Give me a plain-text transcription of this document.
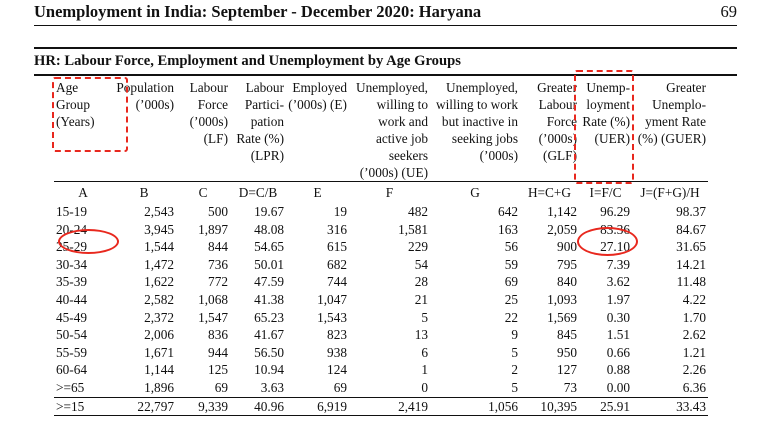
Unemployment in India: September - December 2020: Haryana	69
HR: Labour Force, Employment and Unemployment by Age Groups
Age Group (Years)	Population (’000s)	Labour Force (’000s) (LF)	Labour Partici- pation Rate (%) (LPR)	Employed (’000s) (E)	Unemployed, willing to work and active job seekers (’000s) (UE)	Unemployed, willing to work but inactive in seeking jobs (’000s)	Greater Labour Force (’000s) (GLF)	Unemp- loyment Rate (%) (UER)	Greater Unemplo- yment Rate (%) (GUER)
A	B	C	D=C/B	E	F	G	H=C+G	I=F/C	J=(F+G)/H
15-19	2,543	500	19.67	19	482	642	1,142	96.29	98.37
20-24	3,945	1,897	48.08	316	1,581	163	2,059	83.36	84.67
25-29	1,544	844	54.65	615	229	56	900	27.10	31.65
30-34	1,472	736	50.01	682	54	59	795	7.39	14.21
35-39	1,622	772	47.59	744	28	69	840	3.62	11.48
40-44	2,582	1,068	41.38	1,047	21	25	1,093	1.97	4.22
45-49	2,372	1,547	65.23	1,543	5	22	1,569	0.30	1.70
50-54	2,006	836	41.67	823	13	9	845	1.51	2.62
55-59	1,671	944	56.50	938	6	5	950	0.66	1.21
60-64	1,144	125	10.94	124	1	2	127	0.88	2.26
>=65	1,896	69	3.63	69	0	5	73	0.00	6.36
>=15	22,797	9,339	40.96	6,919	2,419	1,056	10,395	25.91	33.43
